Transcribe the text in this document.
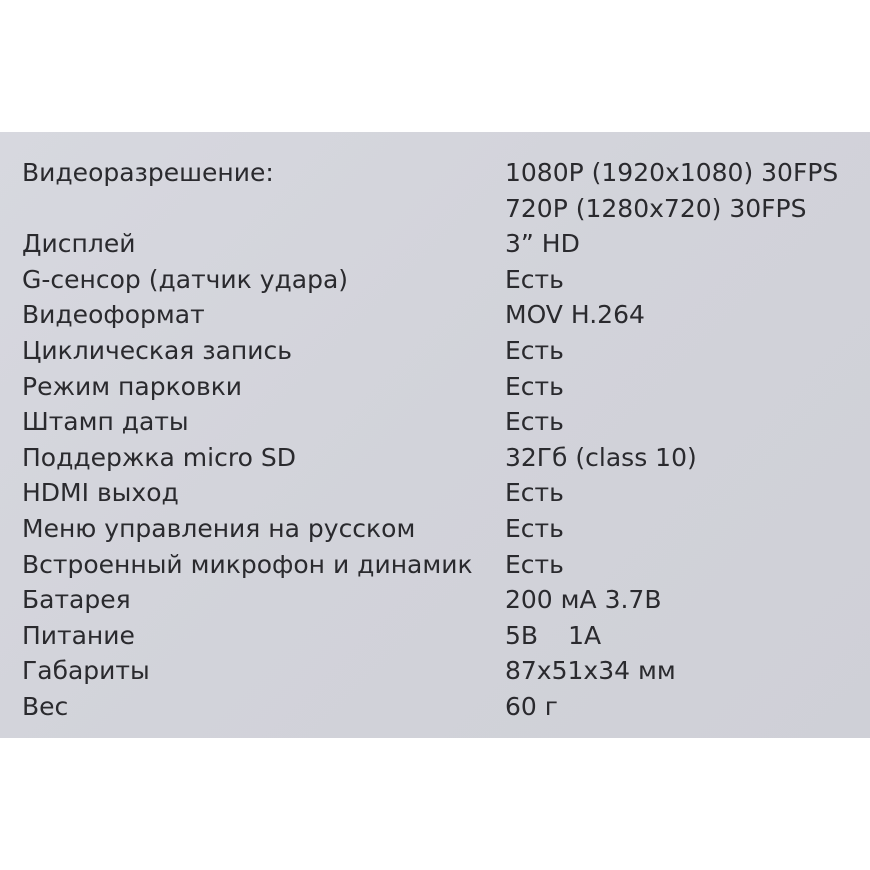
Видеоразрешение:	1080P (1920x1080) 30FPS
720P (1280x720) 30FPS
Дисплей	3” HD
G-сенсор (датчик удара)	Есть
Видеоформат	MOV H.264
Циклическая запись	Есть
Режим парковки	Есть
Штамп даты	Есть
Поддержка micro SD	32Гб (class 10)
HDMI выход	Есть
Меню управления на русском	Есть
Встроенный микрофон и динамик Есть
Батарея	200 мА 3.7В
Питание	5В 1А
Габариты	87x51x34 мм
Вес	60 г
